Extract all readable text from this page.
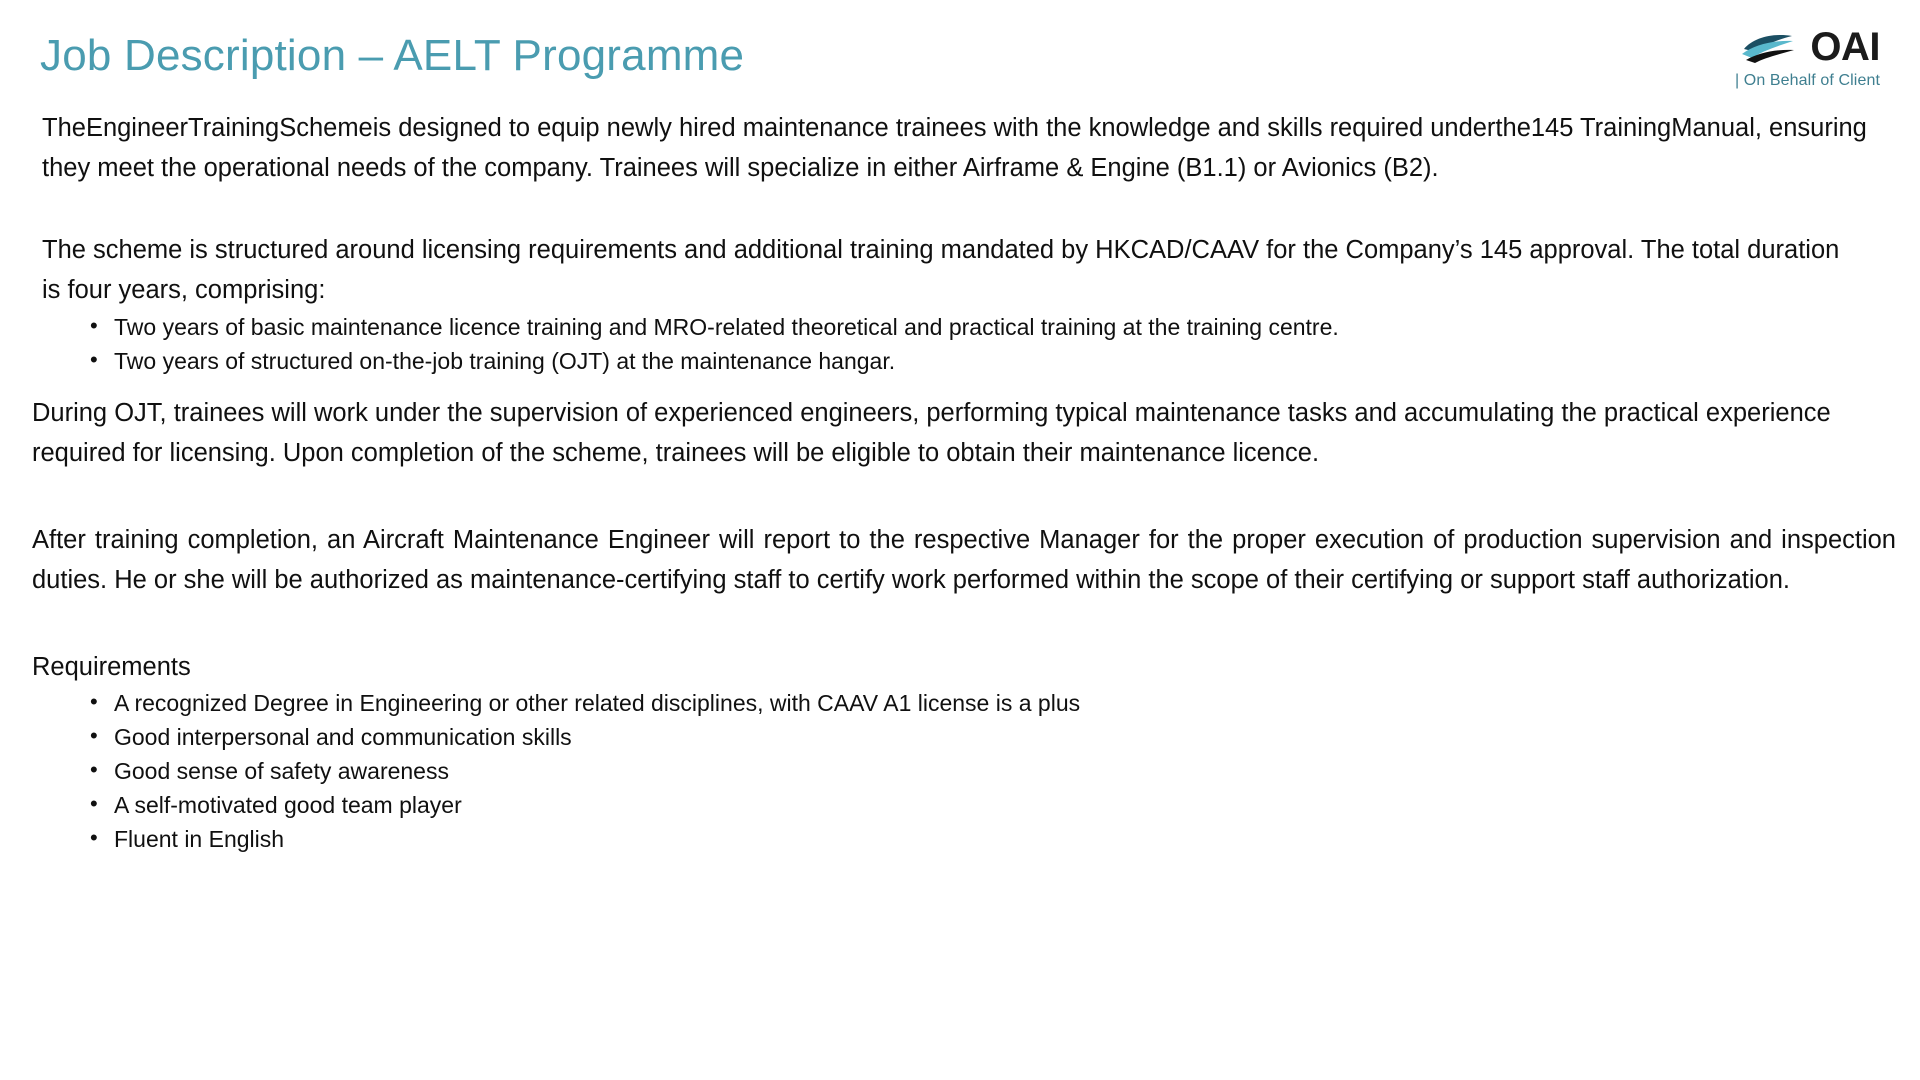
Job Description – AELT Programme	OAI
| On Behalf of Client

TheEngineerTrainingSchemeis designed to equip newly hired maintenance trainees with the knowledge and skills required underthe145 TrainingManual, ensuring they meet the operational needs of the company. Trainees will specialize in either Airframe & Engine (B1.1) or Avionics (B2).

The scheme is structured around licensing requirements and additional training mandated by HKCAD/CAAV for the Company’s 145 approval. The total duration is four years, comprising:

• Two years of basic maintenance licence training and MRO-related theoretical and practical training at the training centre.
• Two years of structured on-the-job training (OJT) at the maintenance hangar.

During OJT, trainees will work under the supervision of experienced engineers, performing typical maintenance tasks and accumulating the practical experience required for licensing. Upon completion of the scheme, trainees will be eligible to obtain their maintenance licence.

After training completion, an Aircraft Maintenance Engineer will report to the respective Manager for the proper execution of production supervision and inspection duties. He or she will be authorized as maintenance-certifying staff to certify work performed within the scope of their certifying or support staff authorization.

Requirements
• A recognized Degree in Engineering or other related disciplines, with CAAV A1 license is a plus
• Good interpersonal and communication skills
• Good sense of safety awareness
• A self-motivated good team player
• Fluent in English
